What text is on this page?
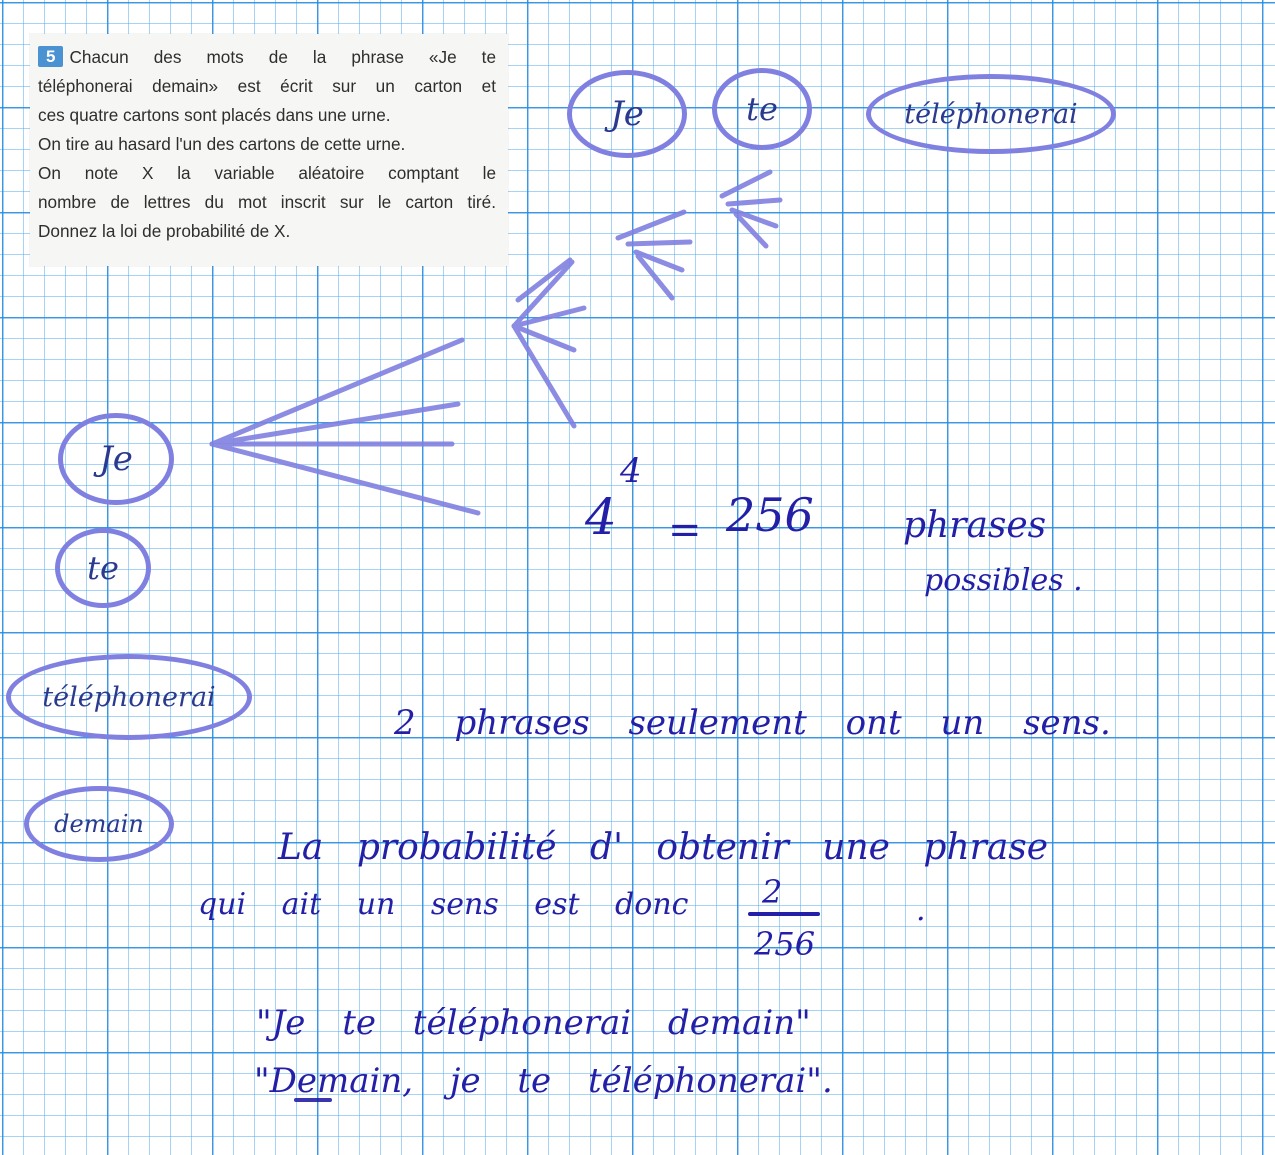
5 Chacun des mots de la phrase «Je te
téléphonerai demain» est écrit sur un carton et
ces quatre cartons sont placés dans une urne.
On tire au hasard l'un des cartons de cette urne.
On note X la variable aléatoire comptant le
nombre de lettres du mot inscrit sur le carton tiré.
Donnez la loi de probabilité de X.
Je	te	téléphonerai
Je
te
téléphonerai
demain
4
4
= 256 phrases
possibles .
2 phrases seulement ont un sens.
La probabilité d' obtenir une phrase
qui ait un sens est donc 2
256
.
"Je te téléphonerai demain"
"Demain, je te téléphonerai".
